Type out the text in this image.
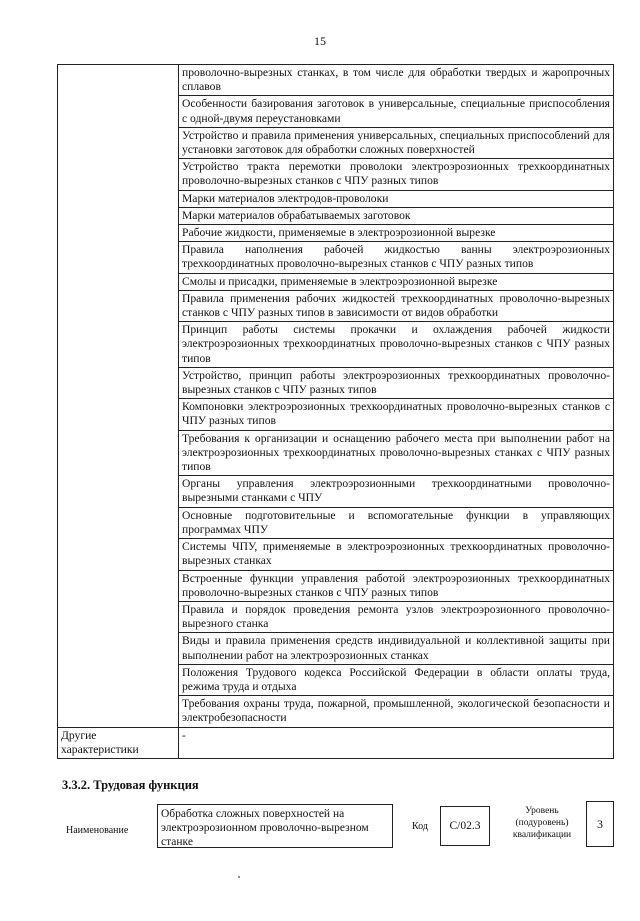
15
	проволочно-вырезных станках, в том числе для обработки твердых и жаропрочных сплавов
	Особенности базирования заготовок в универсальные, специальные приспособления с одной-двумя переустановками
	Устройство и правила применения универсальных, специальных приспособлений для установки заготовок для обработки сложных поверхностей
	Устройство тракта перемотки проволоки электроэрозионных трехкоординатных проволочно-вырезных станков с ЧПУ разных типов
	Марки материалов электродов-проволоки
	Марки материалов обрабатываемых заготовок
	Рабочие жидкости, применяемые в электроэрозионной вырезке
	Правила наполнения рабочей жидкостью ванны электроэрозионных трехкоординатных проволочно-вырезных станков с ЧПУ разных типов
	Смолы и присадки, применяемые в электроэрозионной вырезке
	Правила применения рабочих жидкостей трехкоординатных проволочно-вырезных станков с ЧПУ разных типов в зависимости от видов обработки
	Принцип работы системы прокачки и охлаждения рабочей жидкости электроэрозионных трехкоординатных проволочно-вырезных станков с ЧПУ разных типов
	Устройство, принцип работы электроэрозионных трехкоординатных проволочно-вырезных станков с ЧПУ разных типов
	Компоновки электроэрозионных трехкоординатных проволочно-вырезных станков с ЧПУ разных типов
	Требования к организации и оснащению рабочего места при выполнении работ на электроэрозионных трехкоординатных проволочно-вырезных станках с ЧПУ разных типов
	Органы управления электроэрозионными трехкоординатными проволочно-вырезными станками с ЧПУ
	Основные подготовительные и вспомогательные функции в управляющих программах ЧПУ
	Системы ЧПУ, применяемые в электроэрозионных трехкоординатных проволочно-вырезных станках
	Встроенные функции управления работой электроэрозионных трехкоординатных проволочно-вырезных станков с ЧПУ разных типов
	Правила и порядок проведения ремонта узлов электроэрозионного проволочно-вырезного станка
	Виды и правила применения средств индивидуальной и коллективной защиты при выполнении работ на электроэрозионных станках
	Положения Трудового кодекса Российской Федерации в области оплаты труда, режима труда и отдыха
	Требования охраны труда, пожарной, промышленной, экологической безопасности и электробезопасности
Другие характеристики	-
3.3.2. Трудовая функция
Наименование
Обработка сложных поверхностей на электроэрозионном проволочно-вырезном станке
Код	C/02.3
Уровень (подуровень) квалификации
3
